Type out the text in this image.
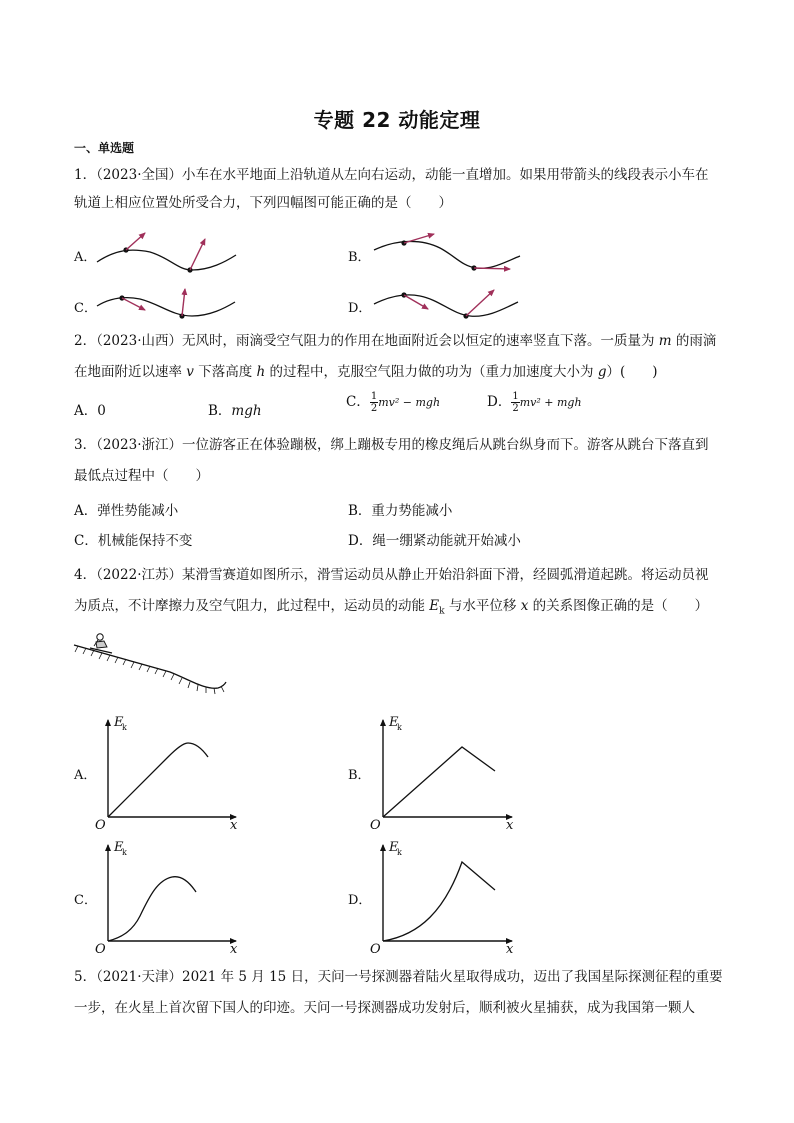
专题 22 动能定理
一、单选题
1．（2023·全国）小车在水平地面上沿轨道从左向右运动，动能一直增加。如果用带箭头的线段表示小车在
轨道上相应位置处所受合力，下列四幅图可能正确的是（　　）
A．	B．
C．	D．
2．（2023·山西）无风时，雨滴受空气阻力的作用在地面附近会以恒定的速率竖直下落。一质量为 m 的雨滴
在地面附近以速率 v 下落高度 h 的过程中，克服空气阻力做的功为（重力加速度大小为 g）(　　)
A．0	B．mgh
C． $\frac{1}{2} mv^2$ − mgh	D． $\frac{1}{2} mv^2$ + mgh
3．（2023·浙江）一位游客正在体验蹦极，绑上蹦极专用的橡皮绳后从跳台纵身而下。游客从跳台下落直到
最低点过程中（　　）
A．弹性势能减小	B．重力势能减小
C．机械能保持不变	D．绳一绷紧动能就开始减小
4．（2022·江苏）某滑雪赛道如图所示，滑雪运动员从静止开始沿斜面下滑，经圆弧滑道起跳。将运动员视
为质点，不计摩擦力及空气阻力，此过程中，运动员的动能 $E_k$ 与水平位移 x 的关系图像正确的是（　　）
A．	B．
C．	D．
E
k
x
O
E
k
x
O
E
k
x
O
E
k
x
O
5．（2021·天津）2021 年 5 月 15 日，天问一号探测器着陆火星取得成功，迈出了我国星际探测征程的重要
一步，在火星上首次留下国人的印迹。天问一号探测器成功发射后，顺利被火星捕获，成为我国第一颗人
